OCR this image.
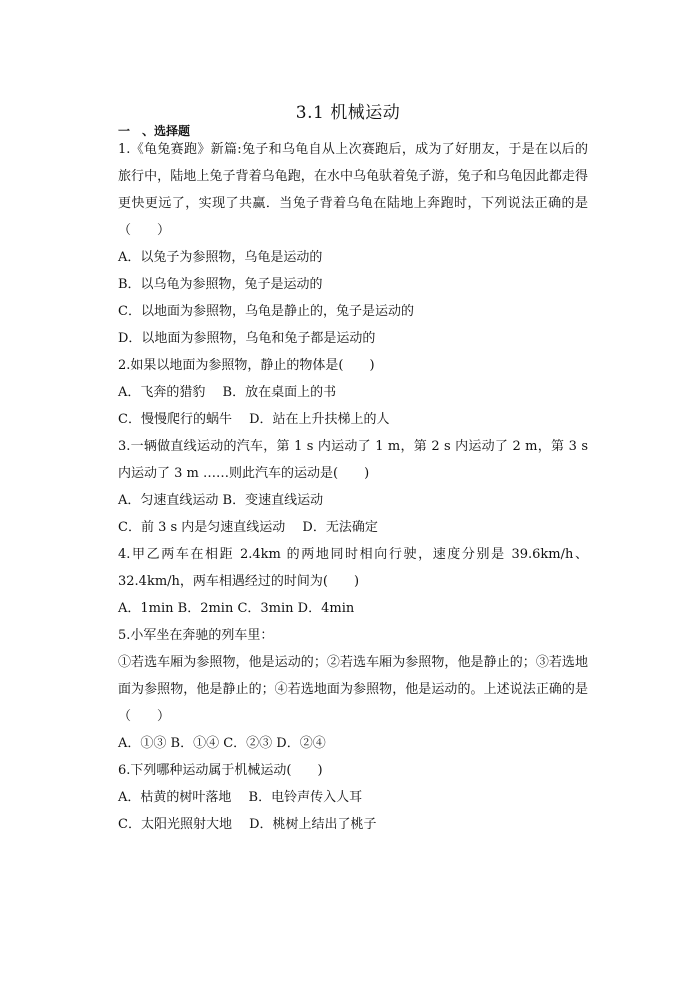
3.1 机械运动
一　、选择题
1.《龟兔赛跑》新篇:兔子和乌龟自从上次赛跑后，成为了好朋友，于是在以后的旅行中，陆地上兔子背着乌龟跑，在水中乌龟驮着兔子游，兔子和乌龟因此都走得更快更远了，实现了共赢．当兔子背着乌龟在陆地上奔跑时，下列说法正确的是（　　）
A．以兔子为参照物，乌龟是运动的
B．以乌龟为参照物，兔子是运动的
C．以地面为参照物，乌龟是静止的，兔子是运动的
D．以地面为参照物，乌龟和兔子都是运动的
2.如果以地面为参照物，静止的物体是(　　)
A．飞奔的猎豹　 B．放在桌面上的书
C．慢慢爬行的蜗牛　 D．站在上升扶梯上的人
3.一辆做直线运动的汽车，第 1 s 内运动了 1 m，第 2 s 内运动了 2 m，第 3 s 内运动了 3 m ……则此汽车的运动是(　　)
A．匀速直线运动 B．变速直线运动
C．前 3 s 内是匀速直线运动　 D．无法确定
4.甲乙两车在相距 2.4km 的两地同时相向行驶，速度分别是 39.6km/h、32.4km/h，两车相遇经过的时间为(　　)
A．1min B．2min C．3min D．4min
5.小军坐在奔驰的列车里：
①若选车厢为参照物，他是运动的；②若选车厢为参照物，他是静止的；③若选地面为参照物，他是静止的；④若选地面为参照物，他是运动的。上述说法正确的是（　　）
A．①③ B．①④ C．②③ D．②④
6.下列哪种运动属于机械运动(　　)
A．枯黄的树叶落地　 B．电铃声传入人耳
C．太阳光照射大地　 D．桃树上结出了桃子
